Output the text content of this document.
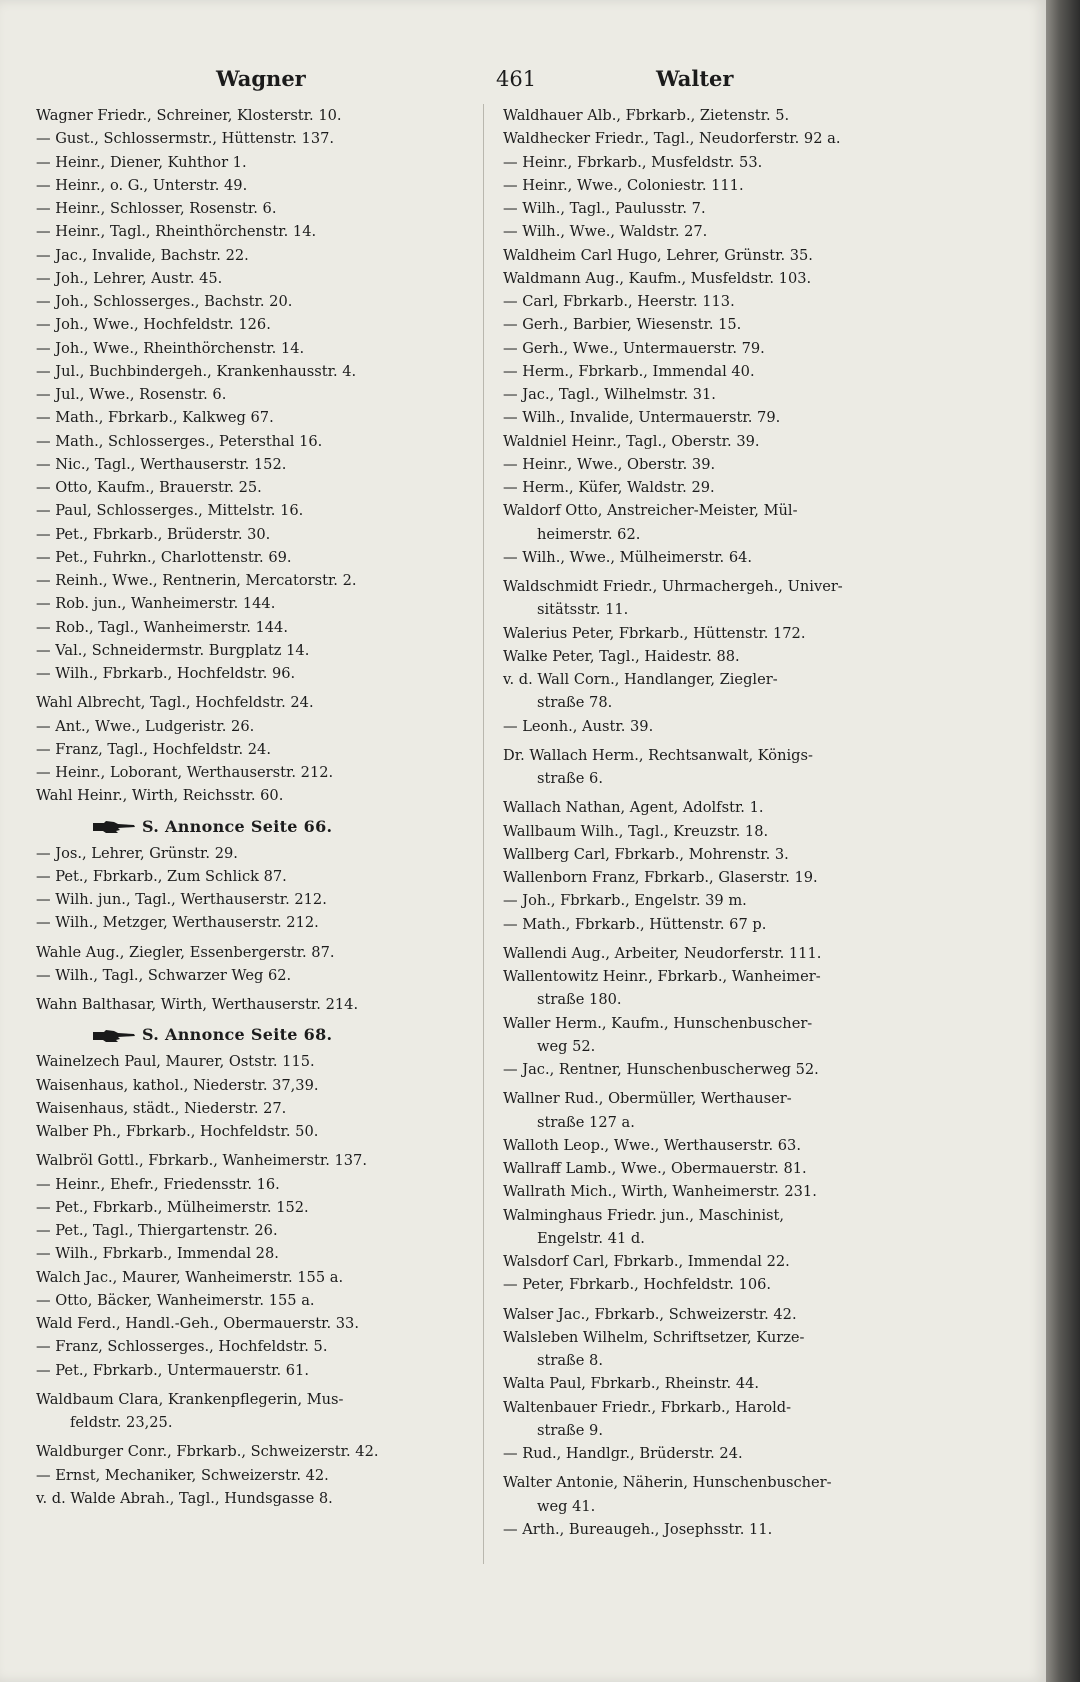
Wagner	461	Walter
Wagner Friedr., Schreiner, Klosterstr. 10.
— Gust., Schlossermstr., Hüttenstr. 137.
— Heinr., Diener, Kuhthor 1.
— Heinr., o. G., Unterstr. 49.
— Heinr., Schlosser, Rosenstr. 6.
— Heinr., Tagl., Rheinthörchenstr. 14.
— Jac., Invalide, Bachstr. 22.
— Joh., Lehrer, Austr. 45.
— Joh., Schlosserges., Bachstr. 20.
— Joh., Wwe., Hochfeldstr. 126.
— Joh., Wwe., Rheinthörchenstr. 14.
— Jul., Buchbindergeh., Krankenhausstr. 4.
— Jul., Wwe., Rosenstr. 6.
— Math., Fbrkarb., Kalkweg 67.
— Math., Schlosserges., Petersthal 16.
— Nic., Tagl., Werthauserstr. 152.
— Otto, Kaufm., Brauerstr. 25.
— Paul, Schlosserges., Mittelstr. 16.
— Pet., Fbrkarb., Brüderstr. 30.
— Pet., Fuhrkn., Charlottenstr. 69.
— Reinh., Wwe., Rentnerin, Mercatorstr. 2.
— Rob. jun., Wanheimerstr. 144.
— Rob., Tagl., Wanheimerstr. 144.
— Val., Schneidermstr. Burgplatz 14.
— Wilh., Fbrkarb., Hochfeldstr. 96.
Wahl Albrecht, Tagl., Hochfeldstr. 24.
— Ant., Wwe., Ludgeristr. 26.
— Franz, Tagl., Hochfeldstr. 24.
— Heinr., Loborant, Werthauserstr. 212.
Wahl Heinr., Wirth, Reichsstr. 60.
S. Annonce Seite 66.
— Jos., Lehrer, Grünstr. 29.
— Pet., Fbrkarb., Zum Schlick 87.
— Wilh. jun., Tagl., Werthauserstr. 212.
— Wilh., Metzger, Werthauserstr. 212.
Wahle Aug., Ziegler, Essenbergerstr. 87.
— Wilh., Tagl., Schwarzer Weg 62.
Wahn Balthasar, Wirth, Werthauserstr. 214.
S. Annonce Seite 68.
Wainelzech Paul, Maurer, Oststr. 115.
Waisenhaus, kathol., Niederstr. 37,39.
Waisenhaus, städt., Niederstr. 27.
Walber Ph., Fbrkarb., Hochfeldstr. 50.
Walbröl Gottl., Fbrkarb., Wanheimerstr. 137.
— Heinr., Ehefr., Friedensstr. 16.
— Pet., Fbrkarb., Mülheimerstr. 152.
— Pet., Tagl., Thiergartenstr. 26.
— Wilh., Fbrkarb., Immendal 28.
Walch Jac., Maurer, Wanheimerstr. 155 a.
— Otto, Bäcker, Wanheimerstr. 155 a.
Wald Ferd., Handl.-Geh., Obermauerstr. 33.
— Franz, Schlosserges., Hochfeldstr. 5.
— Pet., Fbrkarb., Untermauerstr. 61.
Waldbaum Clara, Krankenpflegerin, Mus-
feldstr. 23,25.
Waldburger Conr., Fbrkarb., Schweizerstr. 42.
— Ernst, Mechaniker, Schweizerstr. 42.
v. d. Walde Abrah., Tagl., Hundsgasse 8.
Waldhauer Alb., Fbrkarb., Zietenstr. 5.
Waldhecker Friedr., Tagl., Neudorferstr. 92 a.
— Heinr., Fbrkarb., Musfeldstr. 53.
— Heinr., Wwe., Coloniestr. 111.
— Wilh., Tagl., Paulusstr. 7.
— Wilh., Wwe., Waldstr. 27.
Waldheim Carl Hugo, Lehrer, Grünstr. 35.
Waldmann Aug., Kaufm., Musfeldstr. 103.
— Carl, Fbrkarb., Heerstr. 113.
— Gerh., Barbier, Wiesenstr. 15.
— Gerh., Wwe., Untermauerstr. 79.
— Herm., Fbrkarb., Immendal 40.
— Jac., Tagl., Wilhelmstr. 31.
— Wilh., Invalide, Untermauerstr. 79.
Waldniel Heinr., Tagl., Oberstr. 39.
— Heinr., Wwe., Oberstr. 39.
— Herm., Küfer, Waldstr. 29.
Waldorf Otto, Anstreicher-Meister, Mül-
heimerstr. 62.
— Wilh., Wwe., Mülheimerstr. 64.
Waldschmidt Friedr., Uhrmachergeh., Univer-
sitätsstr. 11.
Walerius Peter, Fbrkarb., Hüttenstr. 172.
Walke Peter, Tagl., Haidestr. 88.
v. d. Wall Corn., Handlanger, Ziegler-
straße 78.
— Leonh., Austr. 39.
Dr. Wallach Herm., Rechtsanwalt, Königs-
straße 6.
Wallach Nathan, Agent, Adolfstr. 1.
Wallbaum Wilh., Tagl., Kreuzstr. 18.
Wallberg Carl, Fbrkarb., Mohrenstr. 3.
Wallenborn Franz, Fbrkarb., Glaserstr. 19.
— Joh., Fbrkarb., Engelstr. 39 m.
— Math., Fbrkarb., Hüttenstr. 67 p.
Wallendi Aug., Arbeiter, Neudorferstr. 111.
Wallentowitz Heinr., Fbrkarb., Wanheimer-
straße 180.
Waller Herm., Kaufm., Hunschenbuscher-
weg 52.
— Jac., Rentner, Hunschenbuscherweg 52.
Wallner Rud., Obermüller, Werthauser-
straße 127 a.
Walloth Leop., Wwe., Werthauserstr. 63.
Wallraff Lamb., Wwe., Obermauerstr. 81.
Wallrath Mich., Wirth, Wanheimerstr. 231.
Walminghaus Friedr. jun., Maschinist,
Engelstr. 41 d.
Walsdorf Carl, Fbrkarb., Immendal 22.
— Peter, Fbrkarb., Hochfeldstr. 106.
Walser Jac., Fbrkarb., Schweizerstr. 42.
Walsleben Wilhelm, Schriftsetzer, Kurze-
straße 8.
Walta Paul, Fbrkarb., Rheinstr. 44.
Waltenbauer Friedr., Fbrkarb., Harold-
straße 9.
— Rud., Handlgr., Brüderstr. 24.
Walter Antonie, Näherin, Hunschenbuscher-
weg 41.
— Arth., Bureaugeh., Josephsstr. 11.
